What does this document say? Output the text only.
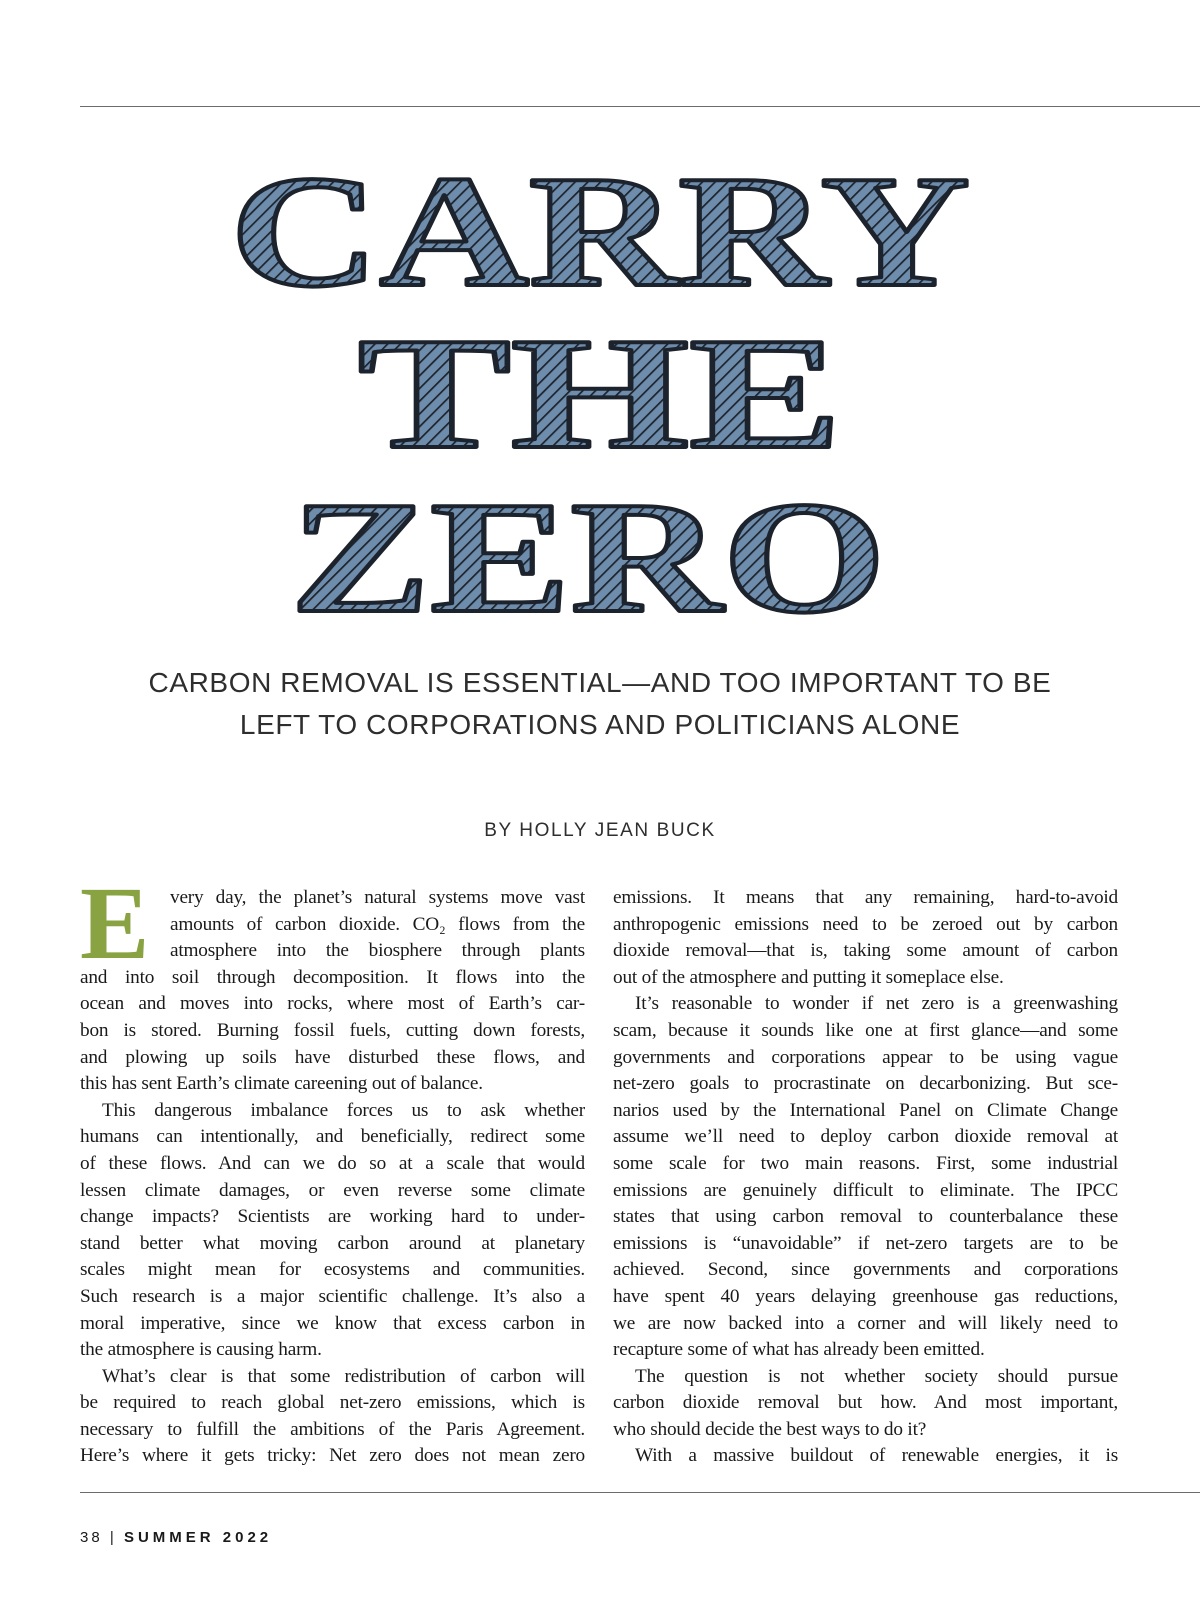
CARRY
THE
ZERO
CARBON REMOVAL IS ESSENTIAL—AND TOO IMPORTANT TO BE
LEFT TO CORPORATIONS AND POLITICIANS ALONE
BY HOLLY JEAN BUCK
E	very day, the planet’s natural systems move vast
amounts of carbon dioxide. CO₂ flows from the
atmosphere into the biosphere through plants
and into soil through decomposition. It flows into the
ocean and moves into rocks, where most of Earth’s car-
bon is stored. Burning fossil fuels, cutting down forests,
and plowing up soils have disturbed these flows, and
this has sent Earth’s climate careening out of balance.
This dangerous imbalance forces us to ask whether
humans can intentionally, and beneficially, redirect some
of these flows. And can we do so at a scale that would
lessen climate damages, or even reverse some climate
change impacts? Scientists are working hard to under-
stand better what moving carbon around at planetary
scales might mean for ecosystems and communities.
Such research is a major scientific challenge. It’s also a
moral imperative, since we know that excess carbon in
the atmosphere is causing harm.
What’s clear is that some redistribution of carbon will
be required to reach global net-zero emissions, which is
necessary to fulfill the ambitions of the Paris Agreement.
Here’s where it gets tricky: Net zero does not mean zero
emissions. It means that any remaining, hard-to-avoid
anthropogenic emissions need to be zeroed out by carbon
dioxide removal—that is, taking some amount of carbon
out of the atmosphere and putting it someplace else.
It’s reasonable to wonder if net zero is a greenwashing
scam, because it sounds like one at first glance—and some
governments and corporations appear to be using vague
net-zero goals to procrastinate on decarbonizing. But sce-
narios used by the International Panel on Climate Change
assume we’ll need to deploy carbon dioxide removal at
some scale for two main reasons. First, some industrial
emissions are genuinely difficult to eliminate. The IPCC
states that using carbon removal to counterbalance these
emissions is “unavoidable” if net-zero targets are to be
achieved. Second, since governments and corporations
have spent 40 years delaying greenhouse gas reductions,
we are now backed into a corner and will likely need to
recapture some of what has already been emitted.
The question is not whether society should pursue
carbon dioxide removal but how. And most important,
who should decide the best ways to do it?
With a massive buildout of renewable energies, it is
38 | SUMMER 2022
